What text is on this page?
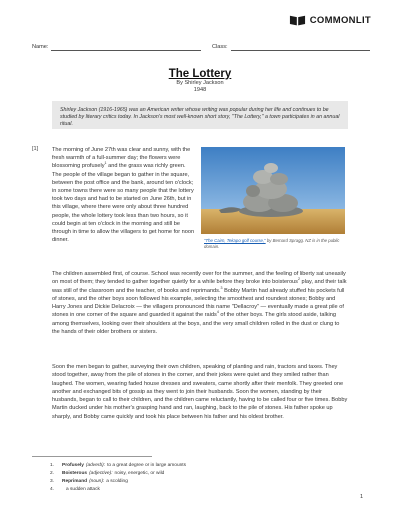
COMMONLIT
Name:	Class:
The Lottery
By Shirley Jackson
1948
Shirley Jackson (1916-1965) was an American writer whose writing was popular during her life and continues to be studied by literary critics today. In Jackson's most well-known short story, "The Lottery," a town participates in an annual ritual.
[1] The morning of June 27th was clear and sunny, with the fresh warmth of a full-summer day; the flowers were blossoming profusely$^1$ and the grass was richly green. The people of the village began to gather in the square, between the post office and the bank, around ten o'clock; in some towns there were so many people that the lottery took two days and had to be started on June 26th, but in this village, where there were only about three hundred people, the whole lottery took less than two hours, so it could begin at ten o'clock in the morning and still be through in time to allow the villagers to get home for noon dinner.	"The Cairn, Tekapo golf course," by Bernard Spragg. NZ is in the public domain.
The children assembled first, of course. School was recently over for the summer, and the feeling of liberty sat uneasily on most of them; they tended to gather together quietly for a while before they broke into boisterous$^2$ play, and their talk was still of the classroom and the teacher, of books and reprimands.$^3$ Bobby Martin had already stuffed his pockets full of stones, and the other boys soon followed his example, selecting the smoothest and roundest stones; Bobby and Harry Jones and Dickie Delacroix — the villagers pronounced this name "Dellacroy" — eventually made a great pile of stones in one corner of the square and guarded it against the raids$^4$ of the other boys. The girls stood aside, talking among themselves, looking over their shoulders at the boys, and the very small children rolled in the dust or clung to the hands of their older brothers or sisters.
Soon the men began to gather, surveying their own children, speaking of planting and rain, tractors and taxes. They stood together, away from the pile of stones in the corner, and their jokes were quiet and they smiled rather than laughed. The women, wearing faded house dresses and sweaters, came shortly after their menfolk. They greeted one another and exchanged bits of gossip as they went to join their husbands. Soon the women, standing by their husbands, began to call to their children, and the children came reluctantly, having to be called four or five times. Bobby Martin ducked under his mother's grasping hand and ran, laughing, back to the pile of stones. His father spoke up sharply, and Bobby came quickly and took his place between his father and his oldest brother.
1.	Profusely (adverb): to a great degree or in large amounts
2.	Boisterous (adjective): noisy, energetic, or wild
3.	Reprimand (noun): a scolding
4.	a sudden attack
1
